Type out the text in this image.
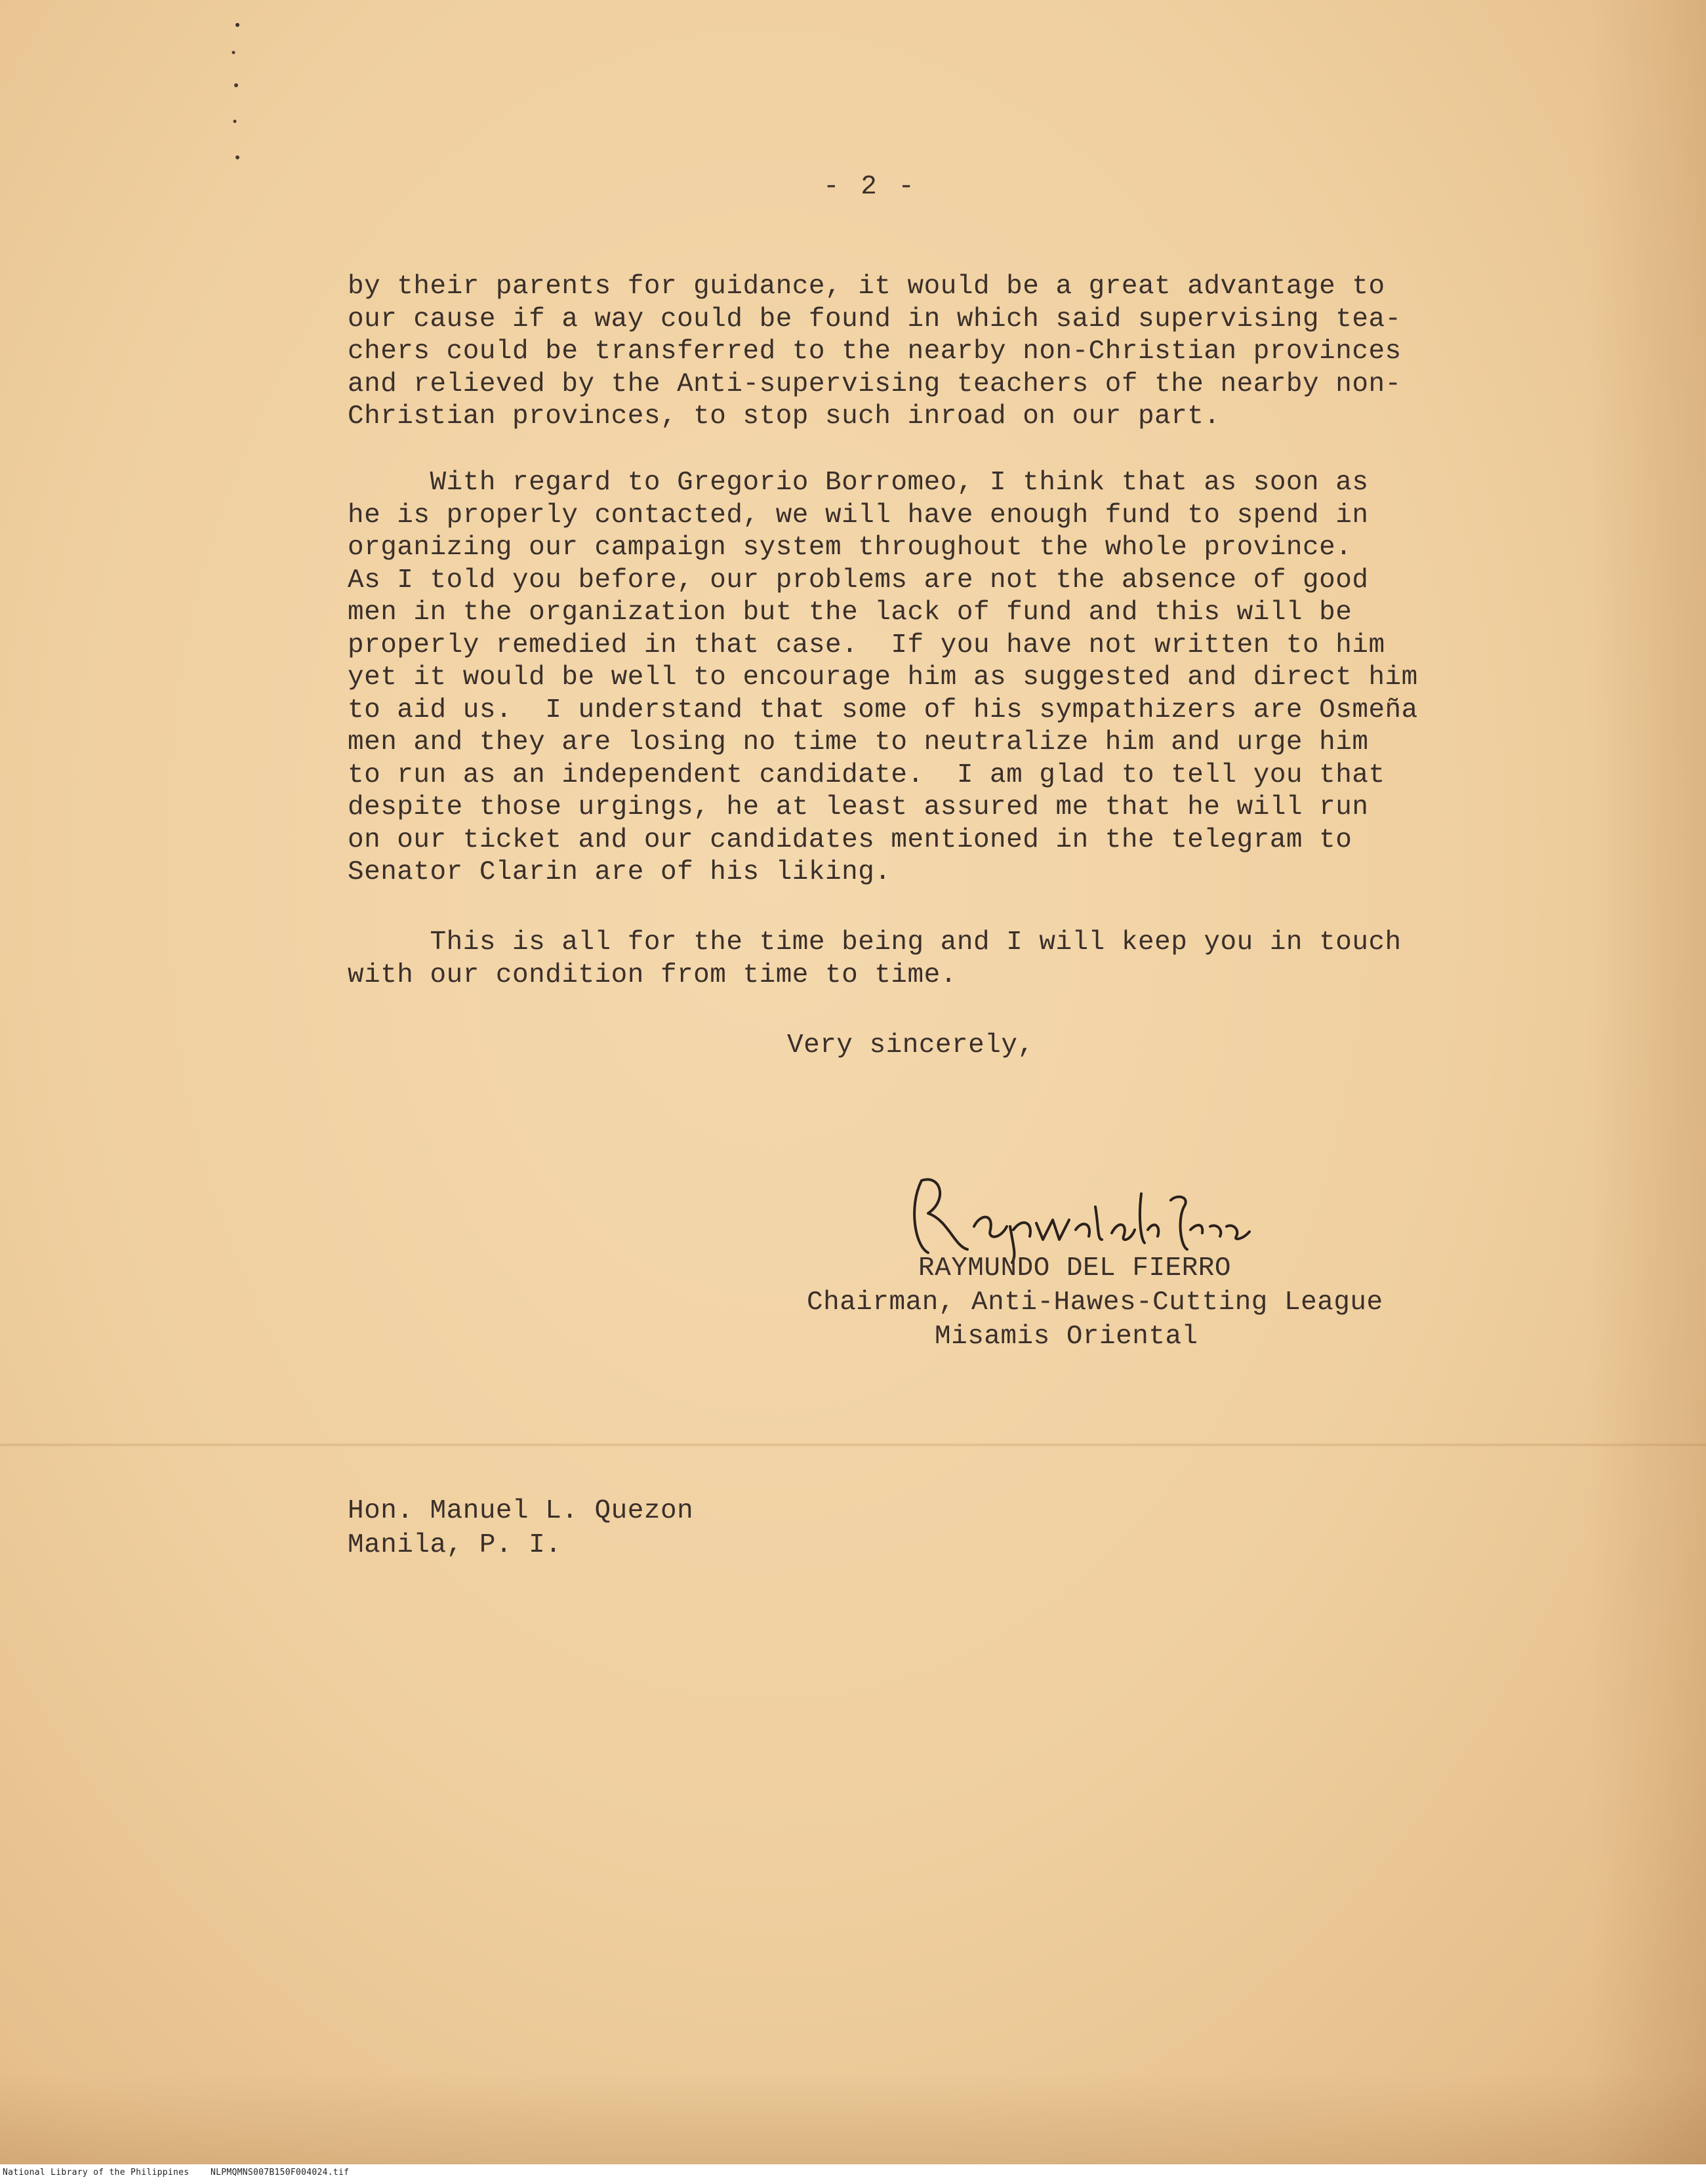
- 2 -

by their parents for guidance, it would be a great advantage to
our cause if a way could be found in which said supervising tea-
chers could be transferred to the nearby non-Christian provinces
and relieved by the Anti-supervising teachers of the nearby non-
Christian provinces, to stop such inroad on our part.

With regard to Gregorio Borromeo, I think that as soon as
he is properly contacted, we will have enough fund to spend in
organizing our campaign system throughout the whole province.
As I told you before, our problems are not the absence of good
men in the organization but the lack of fund and this will be
properly remedied in that case.  If you have not written to him
yet it would be well to encourage him as suggested and direct him
to aid us.  I understand that some of his sympathizers are Osmeña
men and they are losing no time to neutralize him and urge him
to run as an independent candidate.  I am glad to tell you that
despite those urgings, he at least assured me that he will run
on our ticket and our candidates mentioned in the telegram to
Senator Clarin are of his liking.

This is all for the time being and I will keep you in touch
with our condition from time to time.

Very sincerely,

RAYMUNDO DEL FIERRO

Chairman, Anti-Hawes-Cutting League

Misamis Oriental

Hon. Manuel L. Quezon

Manila, P. I.

National Library of the Philippines    NLPMQMNS007B150F004024.tif
